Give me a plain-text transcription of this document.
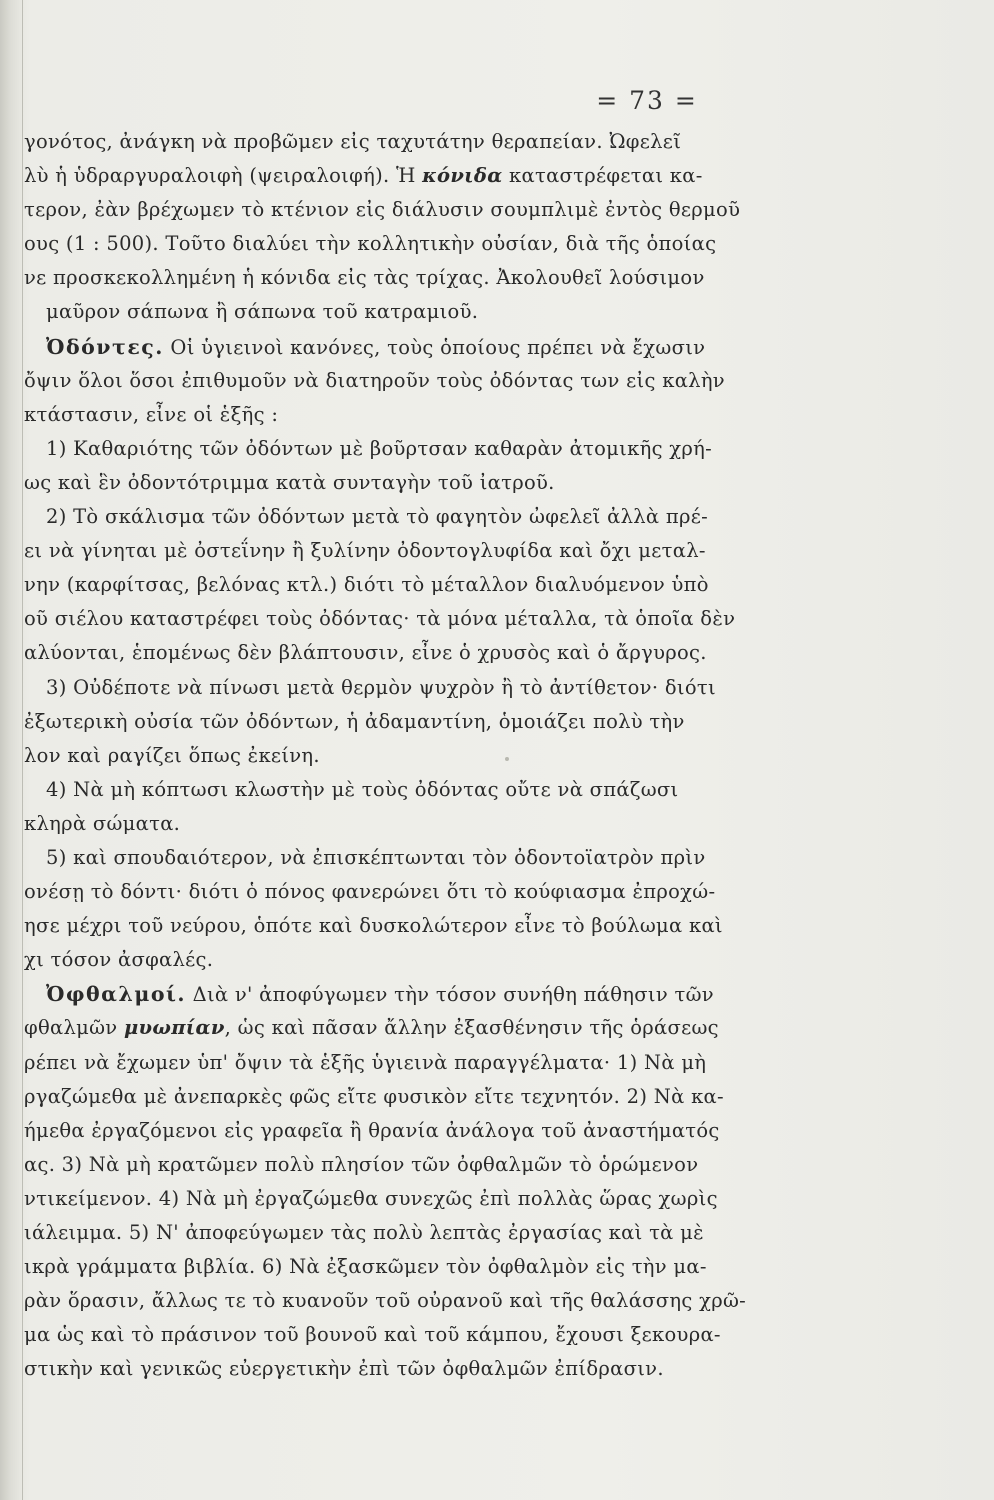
= 73 =
γονότος, ἀνάγκη νὰ προβῶμεν εἰς ταχυτάτην θεραπείαν. Ὠφελεῖ
λὺ ἡ ὑδραργυραλοιφὴ (ψειραλοιφή). Ἡ κόνιδα καταστρέφεται κα-
τερον, ἐὰν βρέχωμεν τὸ κτένιον εἰς διάλυσιν σουμπλιμὲ ἐντὸς θερμοῦ
ους (1 : 500). Τοῦτο διαλύει τὴν κολλητικὴν οὐσίαν, διὰ τῆς ὁποίας
νε προσκεκολλημένη ἡ κόνιδα εἰς τὰς τρίχας. Ἀκολουθεῖ λούσιμον
μαῦρον σάπωνα ἢ σάπωνα τοῦ κατραμιοῦ.
Ὀδόντες. Οἱ ὑγιεινοὶ κανόνες, τοὺς ὁποίους πρέπει νὰ ἔχωσιν
ὄψιν ὅλοι ὅσοι ἐπιθυμοῦν νὰ διατηροῦν τοὺς ὀδόντας των εἰς καλὴν
κτάστασιν, εἶνε οἱ ἑξῆς :
1) Καθαριότης τῶν ὀδόντων μὲ βοῦρτσαν καθαρὰν ἀτομικῆς χρή-
ως καὶ ἓν ὀδοντότριμμα κατὰ συνταγὴν τοῦ ἰατροῦ.
2) Τὸ σκάλισμα τῶν ὀδόντων μετὰ τὸ φαγητὸν ὠφελεῖ ἀλλὰ πρέ-
ει νὰ γίνηται μὲ ὀστεΐνην ἢ ξυλίνην ὀδοντογλυφίδα καὶ ὄχι μεταλ-
νην (καρφίτσας, βελόνας κτλ.) διότι τὸ μέταλλον διαλυόμενον ὑπὸ
οῦ σιέλου καταστρέφει τοὺς ὀδόντας· τὰ μόνα μέταλλα, τὰ ὁποῖα δὲν
αλύονται, ἑπομένως δὲν βλάπτουσιν, εἶνε ὁ χρυσὸς καὶ ὁ ἄργυρος.
3) Οὐδέποτε νὰ πίνωσι μετὰ θερμὸν ψυχρὸν ἢ τὸ ἀντίθετον· διότι
ἐξωτερικὴ οὐσία τῶν ὀδόντων, ἡ ἀδαμαντίνη, ὁμοιάζει πολὺ τὴν
λον καὶ ραγίζει ὅπως ἐκείνη.
4) Νὰ μὴ κόπτωσι κλωστὴν μὲ τοὺς ὀδόντας οὔτε νὰ σπάζωσι
κληρὰ σώματα.
5) καὶ σπουδαιότερον, νὰ ἐπισκέπτωνται τὸν ὀδοντοϊατρὸν πρὶν
ονέσῃ τὸ δόντι· διότι ὁ πόνος φανερώνει ὅτι τὸ κούφιασμα ἐπροχώ-
ησε μέχρι τοῦ νεύρου, ὁπότε καὶ δυσκολώτερον εἶνε τὸ βούλωμα καὶ
χι τόσον ἀσφαλές.
Ὀφθαλμοί. Διὰ ν' ἀποφύγωμεν τὴν τόσον συνήθη πάθησιν τῶν
φθαλμῶν μυωπίαν, ὡς καὶ πᾶσαν ἄλλην ἐξασθένησιν τῆς ὁράσεως
ρέπει νὰ ἔχωμεν ὑπ' ὄψιν τὰ ἑξῆς ὑγιεινὰ παραγγέλματα· 1) Νὰ μὴ
ργαζώμεθα μὲ ἀνεπαρκὲς φῶς εἴτε φυσικὸν εἴτε τεχνητόν. 2) Νὰ κα-
ήμεθα ἐργαζόμενοι εἰς γραφεῖα ἢ θρανία ἀνάλογα τοῦ ἀναστήματός
ας. 3) Νὰ μὴ κρατῶμεν πολὺ πλησίον τῶν ὀφθαλμῶν τὸ ὁρώμενον
ντικείμενον. 4) Νὰ μὴ ἐργαζώμεθα συνεχῶς ἐπὶ πολλὰς ὥρας χωρὶς
ιάλειμμα. 5) Ν' ἀποφεύγωμεν τὰς πολὺ λεπτὰς ἐργασίας καὶ τὰ μὲ
ικρὰ γράμματα βιβλία. 6) Νὰ ἐξασκῶμεν τὸν ὀφθαλμὸν εἰς τὴν μα-
ρὰν ὅρασιν, ἄλλως τε τὸ κυανοῦν τοῦ οὐρανοῦ καὶ τῆς θαλάσσης χρῶ-
μα ὡς καὶ τὸ πράσινον τοῦ βουνοῦ καὶ τοῦ κάμπου, ἔχουσι ξεκουρα-
στικὴν καὶ γενικῶς εὐεργετικὴν ἐπὶ τῶν ὀφθαλμῶν ἐπίδρασιν.
